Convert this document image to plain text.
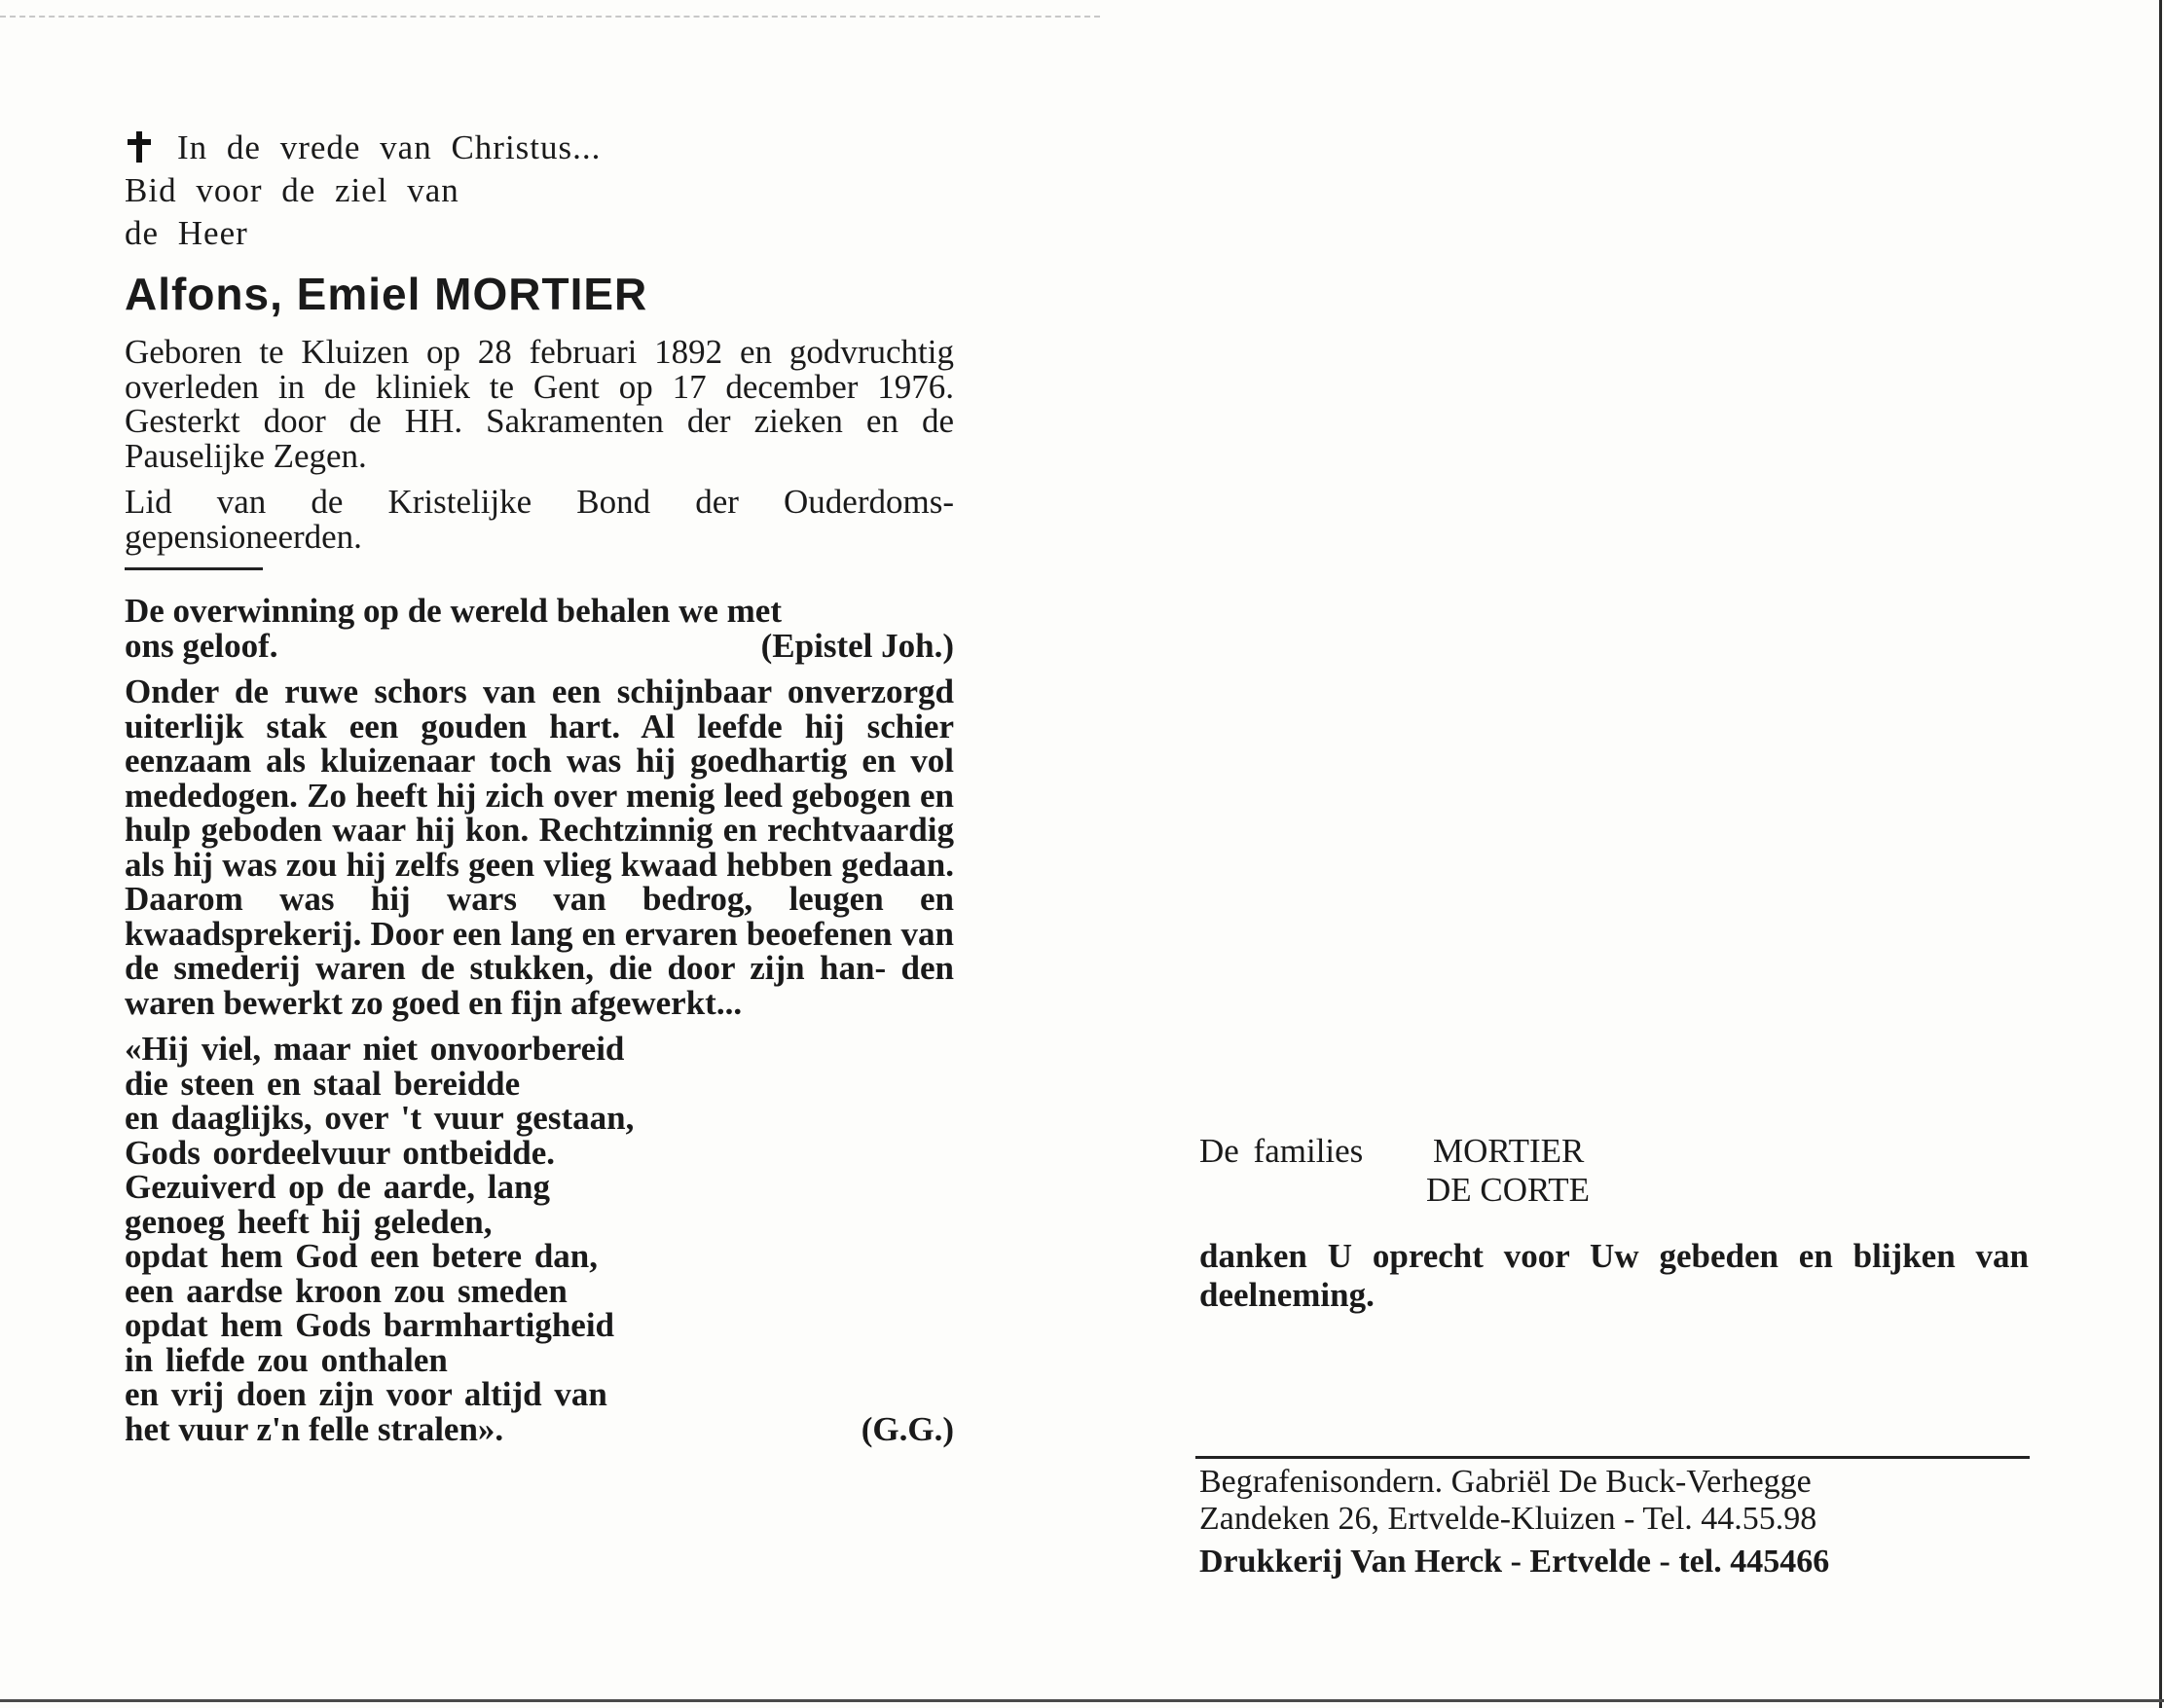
In de vrede van Christus...
Bid voor de ziel van
de Heer
Alfons, Emiel MORTIER

Geboren te Kluizen op 28 februari 1892 en godvruchtig overleden in de kliniek te Gent op 17 december 1976. Gesterkt door de HH. Sakramenten der zieken en de Pauselijke Zegen.

Lid van de Kristelijke Bond der Ouderdoms- gepensioneerden.

De overwinning op de wereld behalen we met

ons geloof.	(Epistel Joh.)

Onder de ruwe schors van een schijnbaar onverzorgd uiterlijk stak een gouden hart. Al leefde hij schier eenzaam als kluizenaar toch was hij goedhartig en vol mededogen. Zo heeft hij zich over menig leed gebogen en hulp geboden waar hij kon. Rechtzinnig en rechtvaardig als hij was zou hij zelfs geen vlieg kwaad hebben gedaan. Daarom was hij wars van bedrog, leugen en kwaadsprekerij. Door een lang en ervaren beoefenen van de smederij waren de stukken, die door zijn han- den waren bewerkt zo goed en fijn afgewerkt...

«Hij viel, maar niet onvoorbereid
die steen en staal bereidde
en daaglijks, over 't vuur gestaan,
Gods oordeelvuur ontbeidde.
Gezuiverd op de aarde, lang
genoeg heeft hij geleden,
opdat hem God een betere dan,
een aardse kroon zou smeden
opdat hem Gods barmhartigheid
in liefde zou onthalen
en vrij doen zijn voor altijd van
het vuur z'n felle stralen».	(G.G.)
De families	MORTIER
DE CORTE
danken U oprecht voor Uw gebeden en blijken van deelneming.
Begrafenisondern. Gabriël De Buck-Verhegge
Zandeken 26, Ertvelde-Kluizen - Tel. 44.55.98
Drukkerij Van Herck - Ertvelde - tel. 445466
